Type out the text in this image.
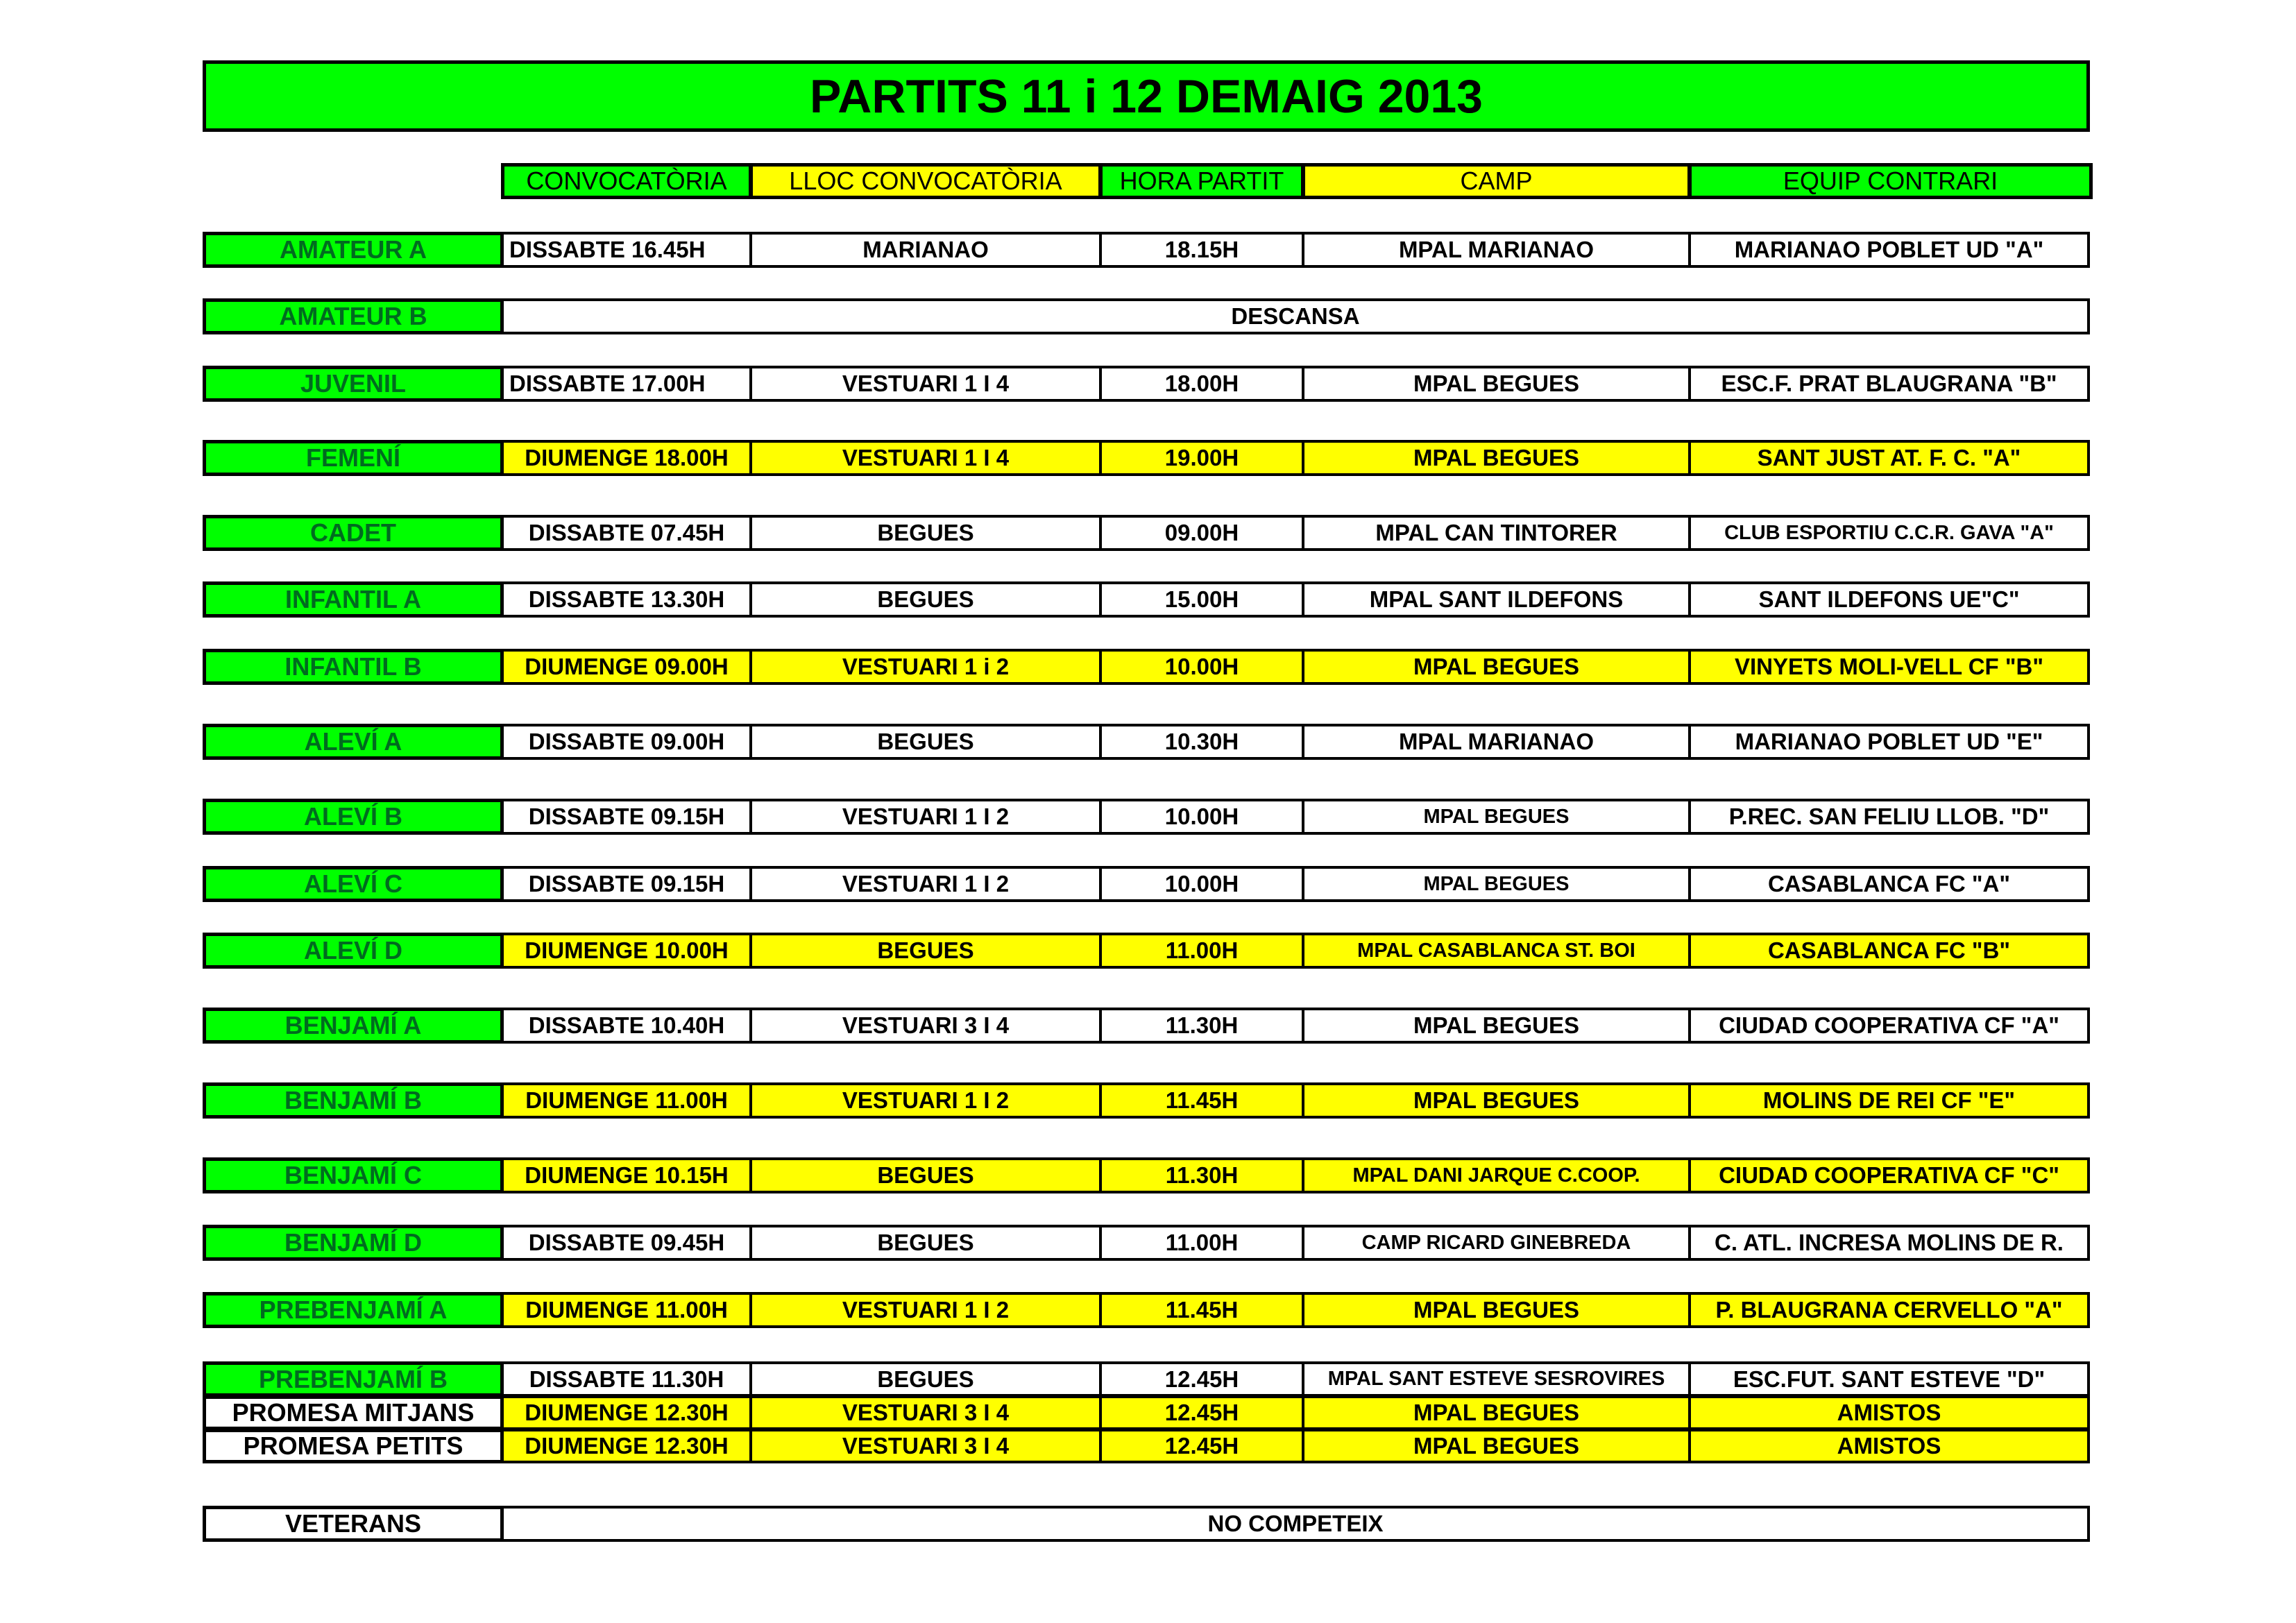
PARTITS 11 i 12 DEMAIG 2013
CONVOCATÒRIA	LLOC CONVOCATÒRIA	HORA PARTIT	CAMP	EQUIP CONTRARI
AMATEUR A	DISSABTE 16.45H	MARIANAO	18.15H	MPAL MARIANAO	MARIANAO POBLET UD "A"
AMATEUR B	DESCANSA
JUVENIL	DISSABTE 17.00H	VESTUARI 1 I 4	18.00H	MPAL BEGUES	ESC.F. PRAT BLAUGRANA "B"
FEMENÍ	DIUMENGE 18.00H	VESTUARI 1 I 4	19.00H	MPAL BEGUES	SANT JUST AT. F. C. "A"
CADET	DISSABTE 07.45H	BEGUES	09.00H	MPAL CAN TINTORER	CLUB ESPORTIU C.C.R. GAVA "A"
INFANTIL A	DISSABTE 13.30H	BEGUES	15.00H	MPAL SANT ILDEFONS	SANT ILDEFONS UE"C"
INFANTIL B	DIUMENGE 09.00H	VESTUARI 1 i 2	10.00H	MPAL BEGUES	VINYETS MOLI-VELL CF "B"
ALEVÍ A	DISSABTE 09.00H	BEGUES	10.30H	MPAL MARIANAO	MARIANAO POBLET UD "E"
ALEVÍ B	DISSABTE 09.15H	VESTUARI 1 I 2	10.00H	MPAL BEGUES	P.REC. SAN FELIU LLOB. "D"
ALEVÍ C	DISSABTE 09.15H	VESTUARI 1 I 2	10.00H	MPAL BEGUES	CASABLANCA FC "A"
ALEVÍ D	DIUMENGE 10.00H	BEGUES	11.00H	MPAL CASABLANCA ST. BOI	CASABLANCA FC "B"
BENJAMÍ A	DISSABTE 10.40H	VESTUARI 3 I 4	11.30H	MPAL BEGUES	CIUDAD COOPERATIVA CF "A"
BENJAMÍ B	DIUMENGE 11.00H	VESTUARI 1 I 2	11.45H	MPAL BEGUES	MOLINS DE REI CF "E"
BENJAMÍ C	DIUMENGE 10.15H	BEGUES	11.30H	MPAL DANI JARQUE C.COOP.	CIUDAD COOPERATIVA CF "C"
BENJAMÍ D	DISSABTE 09.45H	BEGUES	11.00H	CAMP RICARD GINEBREDA	C. ATL. INCRESA MOLINS DE R.
PREBENJAMÍ A	DIUMENGE 11.00H	VESTUARI 1 I 2	11.45H	MPAL BEGUES	P. BLAUGRANA CERVELLO "A"
PREBENJAMÍ B	DISSABTE 11.30H	BEGUES	12.45H	MPAL SANT ESTEVE SESROVIRES	ESC.FUT. SANT ESTEVE "D"
PROMESA MITJANS	DIUMENGE 12.30H	VESTUARI 3 I 4	12.45H	MPAL BEGUES	AMISTOS
PROMESA PETITS	DIUMENGE 12.30H	VESTUARI 3 I 4	12.45H	MPAL BEGUES	AMISTOS
VETERANS	NO COMPETEIX
